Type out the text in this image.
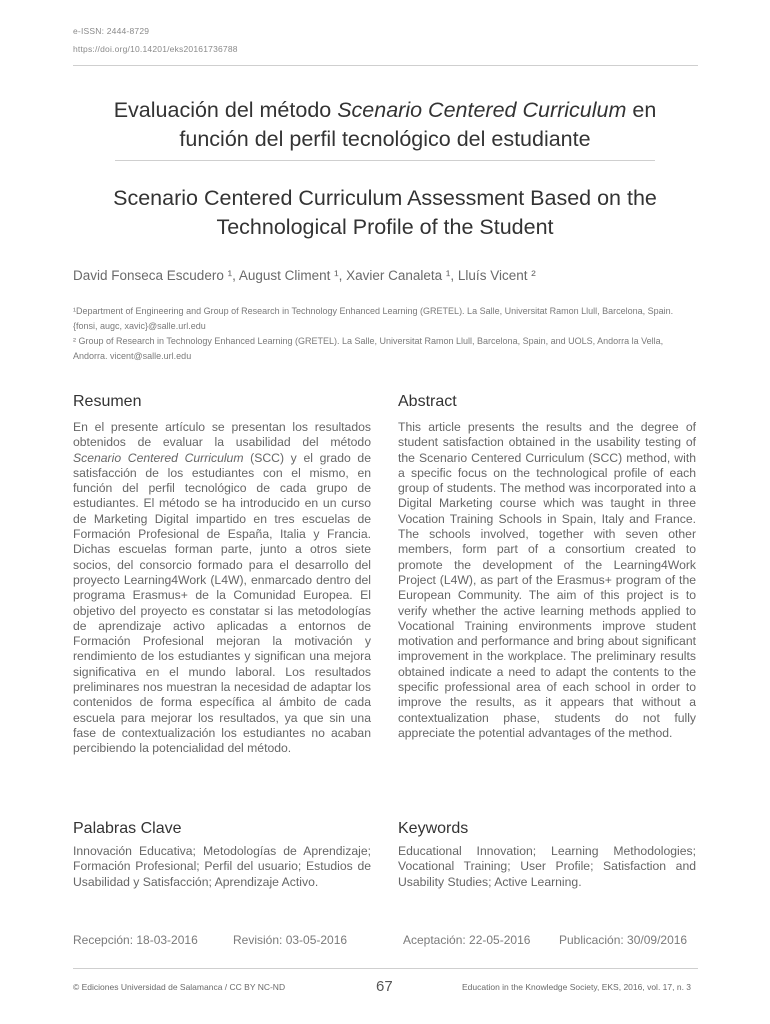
e-ISSN: 2444-8729
https://doi.org/10.14201/eks20161736788
Evaluación del método Scenario Centered Curriculum en
función del perfil tecnológico del estudiante
Scenario Centered Curriculum Assessment Based on the
Technological Profile of the Student
David Fonseca Escudero ¹, August Climent ¹, Xavier Canaleta ¹, Lluís Vicent ²
¹Department of Engineering and Group of Research in Technology Enhanced Learning (GRETEL). La Salle, Universitat Ramon Llull, Barcelona, Spain. {fonsi, augc, xavic}@salle.url.edu
² Group of Research in Technology Enhanced Learning (GRETEL). La Salle, Universitat Ramon Llull, Barcelona, Spain, and UOLS, Andorra la Vella, Andorra. vicent@salle.url.edu
Resumen	Abstract
En el presente artículo se presentan los resultados obtenidos de evaluar la usabilidad del método Scenario Centered Curriculum (SCC) y el grado de satisfacción de los estudiantes con el mismo, en función del perfil tecnológico de cada grupo de estudiantes. El método se ha introducido en un curso de Marketing Digital impartido en tres escuelas de Formación Profesional de España, Italia y Francia. Dichas escuelas forman parte, junto a otros siete socios, del consorcio formado para el desarrollo del proyecto Learning4Work (L4W), enmarcado dentro del programa Erasmus+ de la Comunidad Europea. El objetivo del proyecto es constatar si las metodologías de aprendizaje activo aplicadas a entornos de Formación Profesional mejoran la motivación y rendimiento de los estudiantes y significan una mejora significativa en el mundo laboral. Los resultados preliminares nos muestran la necesidad de adaptar los contenidos de forma específica al ámbito de cada escuela para mejorar los resultados, ya que sin una fase de contextualización los estudiantes no acaban percibiendo la potencialidad del método.
This article presents the results and the degree of student satisfaction obtained in the usability testing of the Scenario Centered Curriculum (SCC) method, with a specific focus on the technological profile of each group of students. The method was incorporated into a Digital Marketing course which was taught in three Vocation Training Schools in Spain, Italy and France. The schools involved, together with seven other members, form part of a consortium created to promote the development of the Learning4Work Project (L4W), as part of the Erasmus+ program of the European Community. The aim of this project is to verify whether the active learning methods applied to Vocational Training environments improve student motivation and performance and bring about significant improvement in the workplace. The preliminary results obtained indicate a need to adapt the contents to the specific professional area of each school in order to improve the results, as it appears that without a contextualization phase, students do not fully appreciate the potential advantages of the method.
Palabras Clave	Keywords
Innovación Educativa; Metodologías de Aprendizaje; Formación Profesional; Perfil del usuario; Estudios de Usabilidad y Satisfacción; Aprendizaje Activo.
Educational Innovation; Learning Methodologies; Vocational Training; User Profile; Satisfaction and Usability Studies; Active Learning.
Recepción: 18-03-2016	Revisión: 03-05-2016	Aceptación: 22-05-2016 Publicación: 30/09/2016
© Ediciones Universidad de Salamanca / CC BY NC-ND	67	Education in the Knowledge Society, EKS, 2016, vol. 17, n. 3
